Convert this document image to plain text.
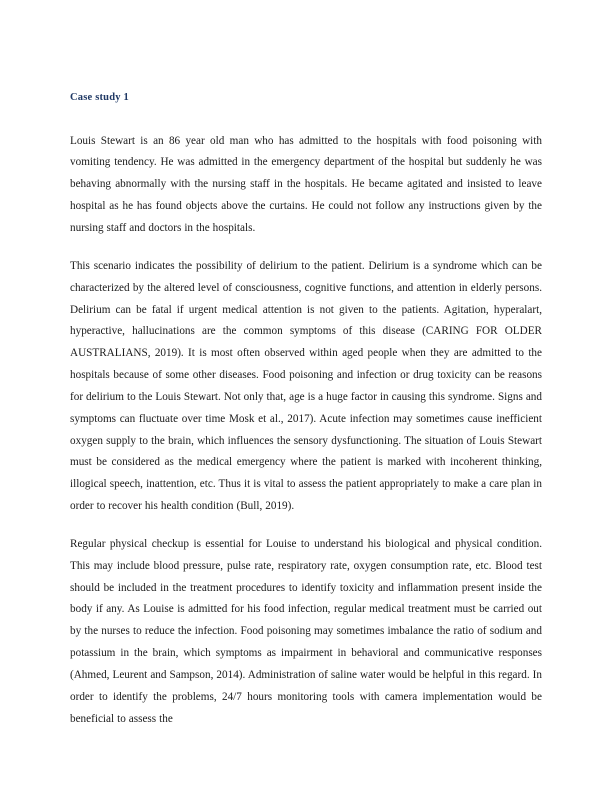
Case study 1

Louis Stewart is an 86 year old man who has admitted to the hospitals with food poisoning with vomiting tendency. He was admitted in the emergency department of the hospital but suddenly he was behaving abnormally with the nursing staff in the hospitals. He became agitated and insisted to leave hospital as he has found objects above the curtains. He could not follow any instructions given by the nursing staff and doctors in the hospitals.

This scenario indicates the possibility of delirium to the patient. Delirium is a syndrome which can be characterized by the altered level of consciousness, cognitive functions, and attention in elderly persons. Delirium can be fatal if urgent medical attention is not given to the patients. Agitation, hyperalart, hyperactive, hallucinations are the common symptoms of this disease (CARING FOR OLDER AUSTRALIANS, 2019). It is most often observed within aged people when they are admitted to the hospitals because of some other diseases. Food poisoning and infection or drug toxicity can be reasons for delirium to the Louis Stewart. Not only that, age is a huge factor in causing this syndrome. Signs and symptoms can fluctuate over time Mosk et al., 2017). Acute infection may sometimes cause inefficient oxygen supply to the brain, which influences the sensory dysfunctioning. The situation of Louis Stewart must be considered as the medical emergency where the patient is marked with incoherent thinking, illogical speech, inattention, etc. Thus it is vital to assess the patient appropriately to make a care plan in order to recover his health condition (Bull, 2019).

Regular physical checkup is essential for Louise to understand his biological and physical condition. This may include blood pressure, pulse rate, respiratory rate, oxygen consumption rate, etc. Blood test should be included in the treatment procedures to identify toxicity and inflammation present inside the body if any. As Louise is admitted for his food infection, regular medical treatment must be carried out by the nurses to reduce the infection. Food poisoning may sometimes imbalance the ratio of sodium and potassium in the brain, which symptoms as impairment in behavioral and communicative responses (Ahmed, Leurent and Sampson, 2014). Administration of saline water would be helpful in this regard. In order to identify the problems, 24/7 hours monitoring tools with camera implementation would be beneficial to assess the
